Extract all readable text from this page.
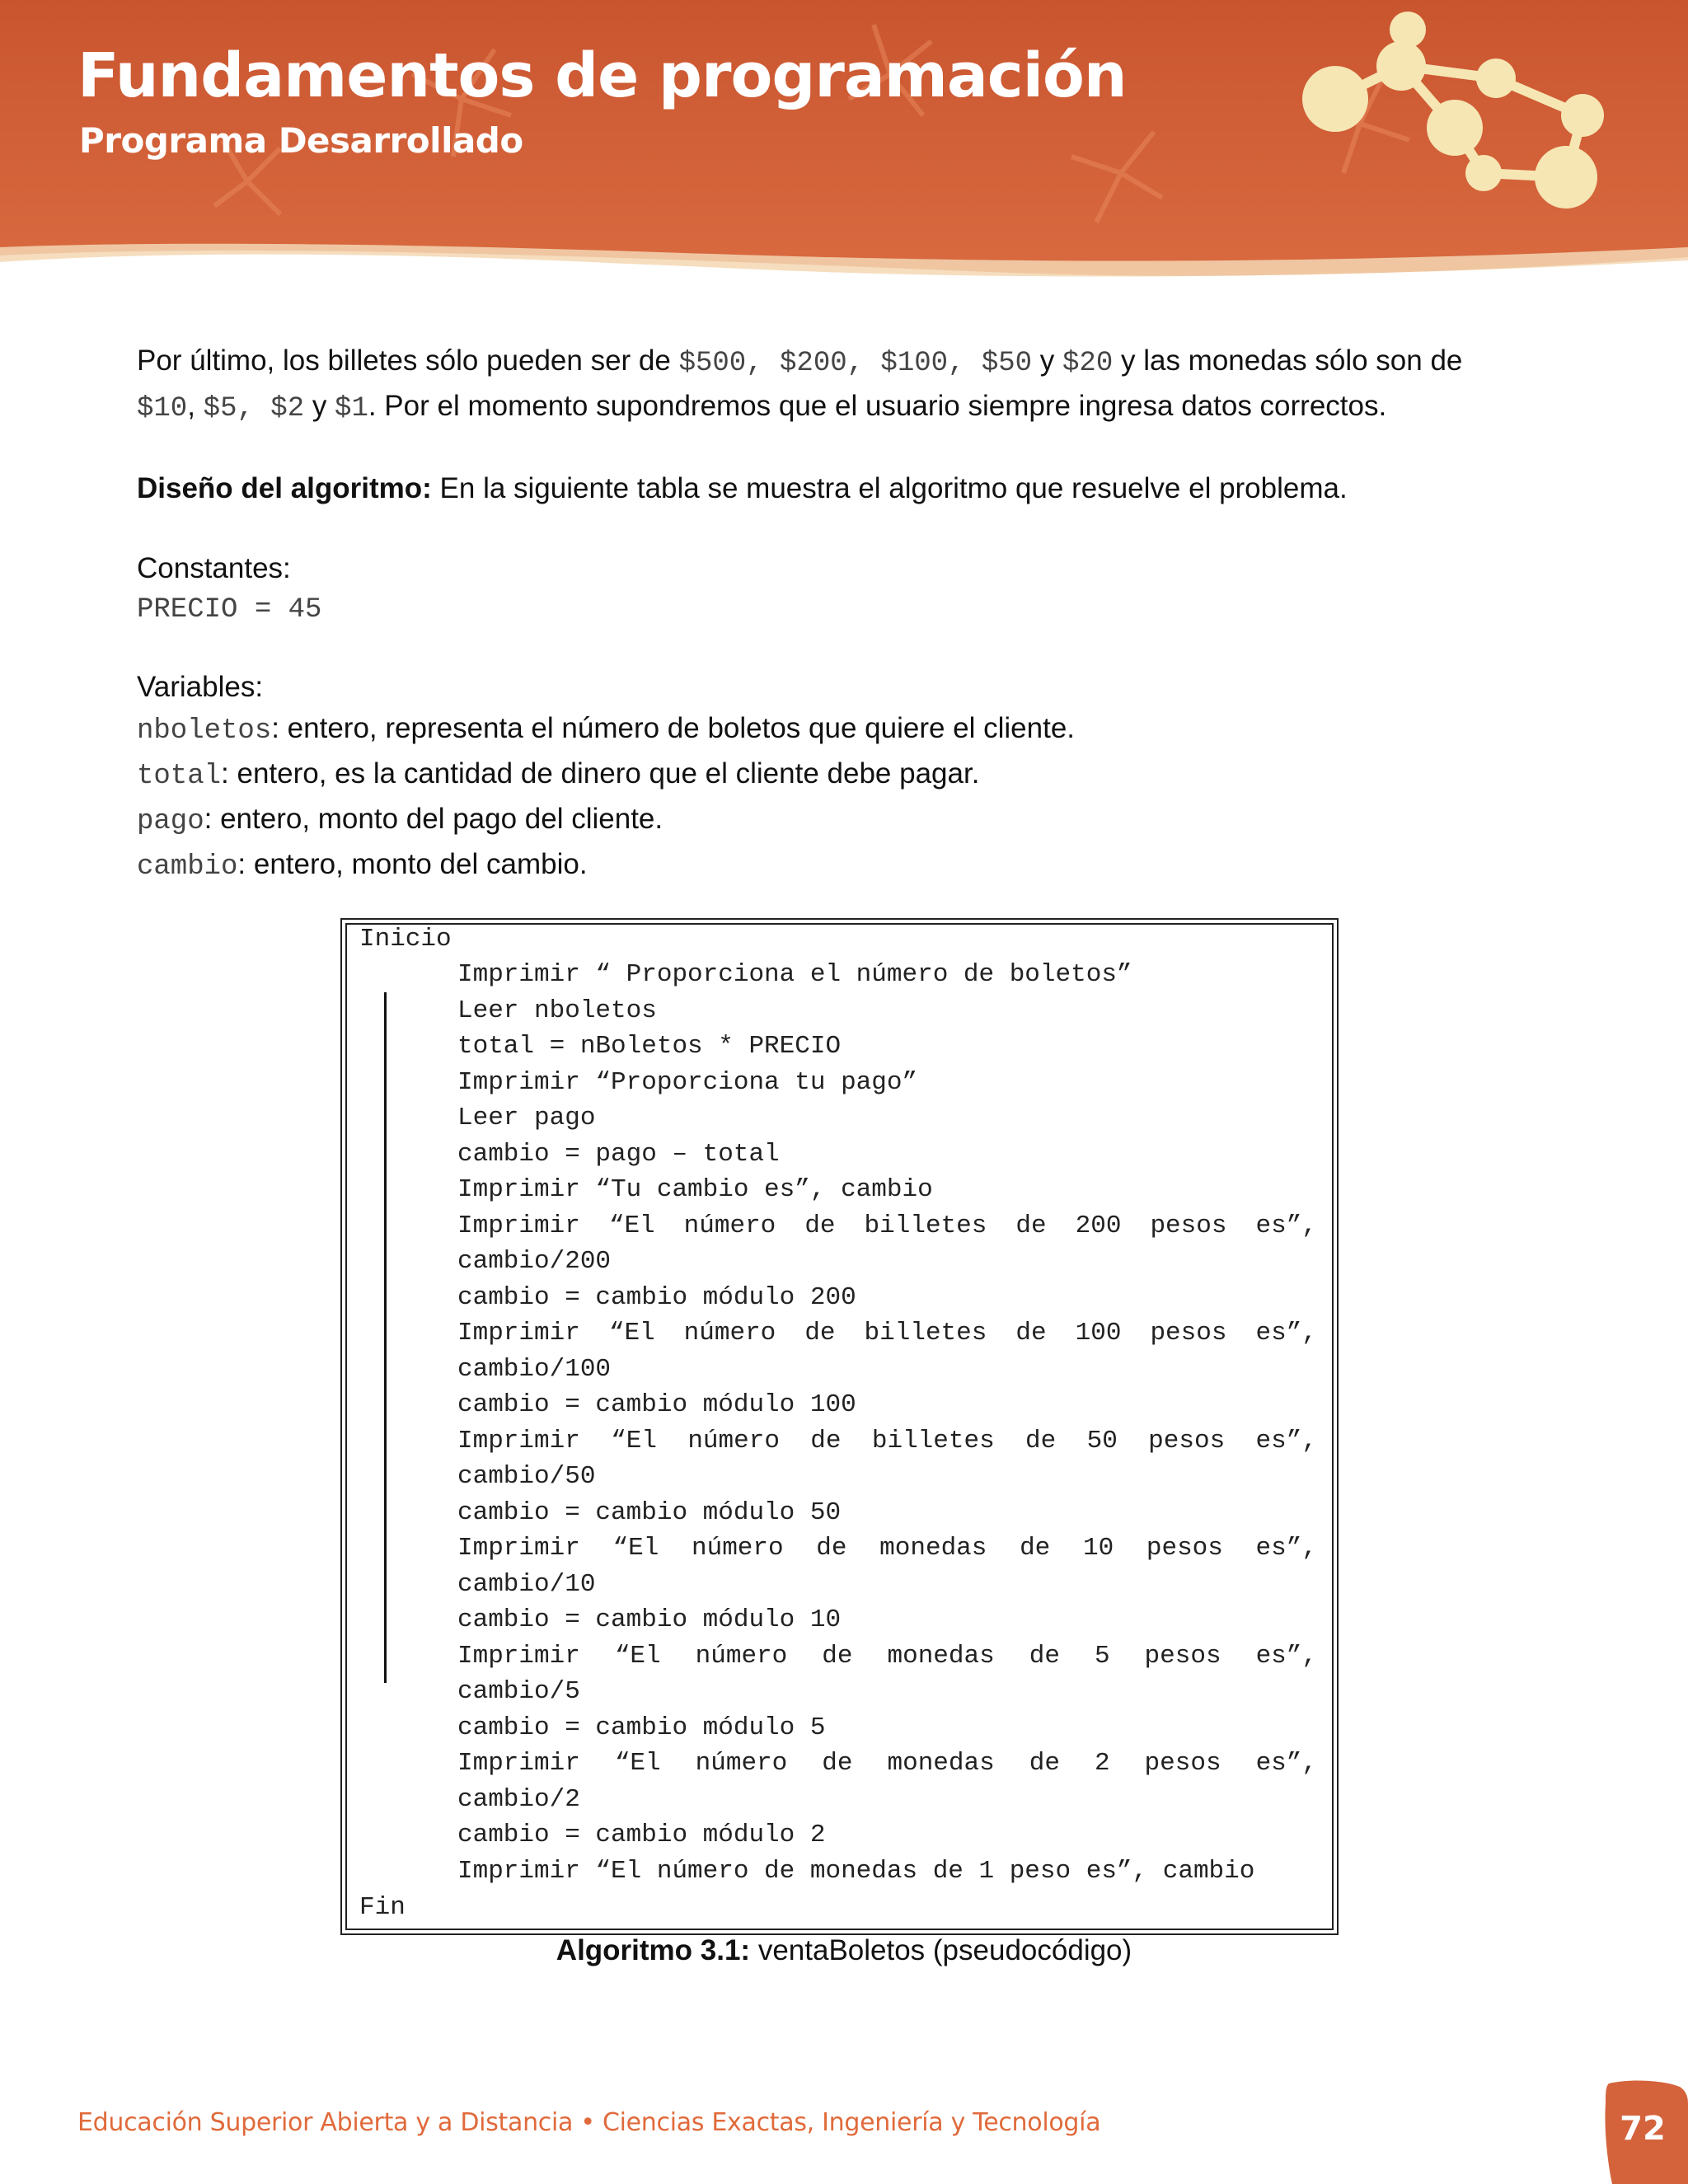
Fundamentos de programación
Programa Desarrollado

Por último, los billetes sólo pueden ser de $500, $200, $100, $50 y $20 y las monedas sólo son de
$10, $5, $2 y $1. Por el momento supondremos que el usuario siempre ingresa datos correctos.

Diseño del algoritmo: En la siguiente tabla se muestra el algoritmo que resuelve el problema.

Constantes:

PRECIO = 45

Variables:

nboletos: entero, representa el número de boletos que quiere el cliente.
total: entero, es la cantidad de dinero que el cliente debe pagar.
pago: entero, monto del pago del cliente.
cambio: entero, monto del cambio.
Inicio
Imprimir “ Proporciona el número de boletos”
Leer nboletos
total = nBoletos * PRECIO
Imprimir “Proporciona tu pago”
Leer pago
cambio = pago – total
Imprimir “Tu cambio es”, cambio
Imprimir “El número de billetes de 200 pesos es”,
cambio/200
cambio = cambio módulo 200
Imprimir “El número de billetes de 100 pesos es”,
cambio/100
cambio = cambio módulo 100
Imprimir “El número de billetes de 50 pesos es”,
cambio/50
cambio = cambio módulo 50
Imprimir “El número de monedas de 10 pesos es”,
cambio/10
cambio = cambio módulo 10
Imprimir “El número de monedas de 5 pesos es”,
cambio/5
cambio = cambio módulo 5
Imprimir “El número de monedas de 2 pesos es”,
cambio/2
cambio = cambio módulo 2
Imprimir “El número de monedas de 1 peso es”, cambio
Fin
Algoritmo 3.1: ventaBoletos (pseudocódigo)
Educación Superior Abierta y a Distancia • Ciencias Exactas, Ingeniería y Tecnología	72
